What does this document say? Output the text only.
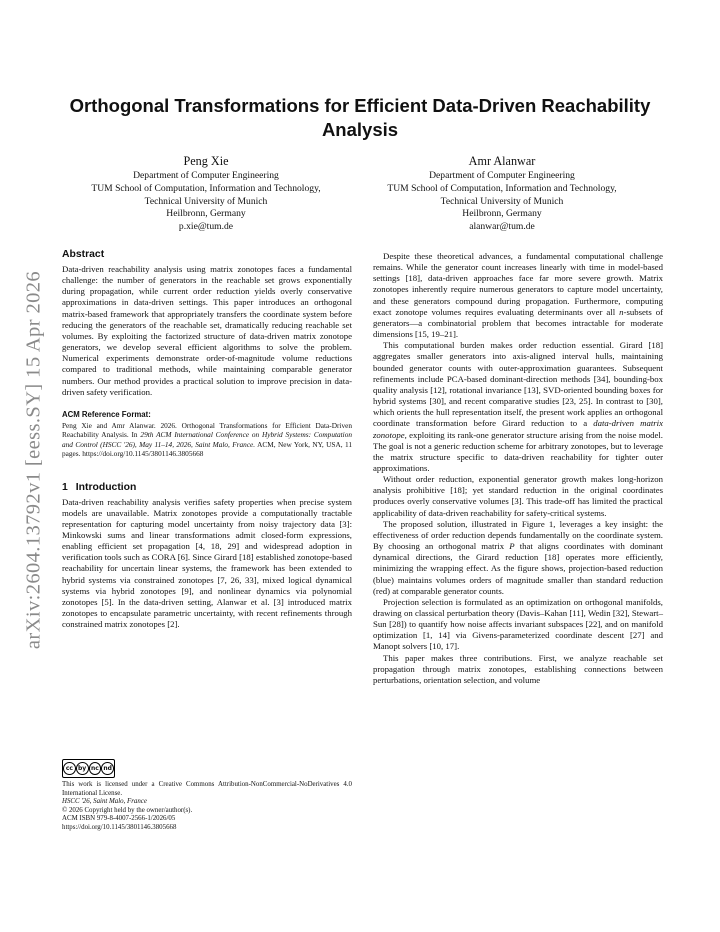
arXiv:2604.13792v1 [eess.SY] 15 Apr 2026
Orthogonal Transformations for Efficient Data-Driven Reachability Analysis
Peng Xie
Department of Computer Engineering
TUM School of Computation, Information and Technology,
Technical University of Munich
Heilbronn, Germany
p.xie@tum.de
Amr Alanwar
Department of Computer Engineering
TUM School of Computation, Information and Technology,
Technical University of Munich
Heilbronn, Germany
alanwar@tum.de
Abstract

Data-driven reachability analysis using matrix zonotopes faces a fundamental challenge: the number of generators in the reachable set grows exponentially during propagation, while current order reduction yields overly conservative approximations in data-driven settings. This paper introduces an orthogonal matrix-based framework that appropriately transfers the coordinate system before reducing the generators of the reachable set, dramatically reducing reachable set volumes. By exploiting the factorized structure of data-driven matrix zonotope generators, we develop several efficient algorithms to solve the problem. Numerical experiments demonstrate order-of-magnitude volume reductions compared to traditional methods, while maintaining comparable generator numbers. Our method provides a practical solution to improve precision in data-driven safety verification.

ACM Reference Format:
Peng Xie and Amr Alanwar. 2026. Orthogonal Transformations for Efficient Data-Driven Reachability Analysis. In 29th ACM International Conference on Hybrid Systems: Computation and Control (HSCC '26), May 11–14, 2026, Saint Malo, France. ACM, New York, NY, USA, 11 pages. https://doi.org/10.1145/3801146.3805668
1 Introduction

Data-driven reachability analysis verifies safety properties when precise system models are unavailable. Matrix zonotopes provide a computationally tractable representation for capturing model uncertainty from noisy trajectory data [3]: Minkowski sums and linear transformations admit closed-form expressions, enabling efficient set propagation [4, 18, 29] and widespread adoption in verification tools such as CORA [6]. Since Girard [18] established zonotope-based reachability for uncertain linear systems, the framework has been extended to hybrid systems via constrained zonotopes [7, 26, 33], mixed logical dynamical systems via hybrid zonotopes [9], and nonlinear dynamics via polynomial zonotopes [5]. In the data-driven setting, Alanwar et al. [3] introduced matrix zonotopes to encapsulate parametric uncertainty, with recent refinements through constrained matrix zonotopes [2].

cc by nc nd
This work is licensed under a Creative Commons Attribution-NonCommercial-NoDerivatives 4.0 International License.
HSCC '26, Saint Malo, France
© 2026 Copyright held by the owner/author(s).
ACM ISBN 979-8-4007-2566-1/2026/05
https://doi.org/10.1145/3801146.3805668

Despite these theoretical advances, a fundamental computational challenge remains. While the generator count increases linearly with time in model-based settings [18], data-driven approaches face far more severe growth. Matrix zonotopes inherently require numerous generators to capture model uncertainty, and these generators compound during propagation. Furthermore, computing exact zonotope volumes requires evaluating determinants over all n-subsets of generators—a combinatorial problem that becomes intractable for moderate dimensions [15, 19–21].

This computational burden makes order reduction essential. Girard [18] aggregates smaller generators into axis-aligned interval hulls, maintaining bounded generator counts with outer-approximation guarantees. Subsequent refinements include PCA-based dominant-direction methods [34], bounding-box quality analysis [12], rotational invariance [13], SVD-oriented bounding boxes for hybrid systems [30], and recent comparative studies [23, 25]. In contrast to [30], which orients the hull representation itself, the present work applies an orthogonal coordinate transformation before Girard reduction to a data-driven matrix zonotope, exploiting its rank-one generator structure arising from the noise model. The goal is not a generic reduction scheme for arbitrary zonotopes, but to leverage the matrix structure specific to data-driven reachability for tighter outer approximations.

Without order reduction, exponential generator growth makes long-horizon analysis prohibitive [18]; yet standard reduction in the original coordinates produces overly conservative volumes [3]. This trade-off has limited the practical applicability of data-driven reachability for safety-critical systems.

The proposed solution, illustrated in Figure 1, leverages a key insight: the effectiveness of order reduction depends fundamentally on the coordinate system. By choosing an orthogonal matrix P that aligns coordinates with dominant dynamical directions, the Girard reduction [18] operates more efficiently, minimizing the wrapping effect. As the figure shows, projection-based reduction (blue) maintains volumes orders of magnitude smaller than standard reduction (red) at comparable generator counts.

Projection selection is formulated as an optimization on orthogonal manifolds, drawing on classical perturbation theory (Davis–Kahan [11], Wedin [32], Stewart–Sun [28]) to quantify how noise affects invariant subspaces [22], and on manifold optimization [1, 14] via Givens-parameterized coordinate descent [27] and Manopt solvers [10, 17].

This paper makes three contributions. First, we analyze reachable set propagation through matrix zonotopes, establishing connections between perturbations, orientation selection, and volume
